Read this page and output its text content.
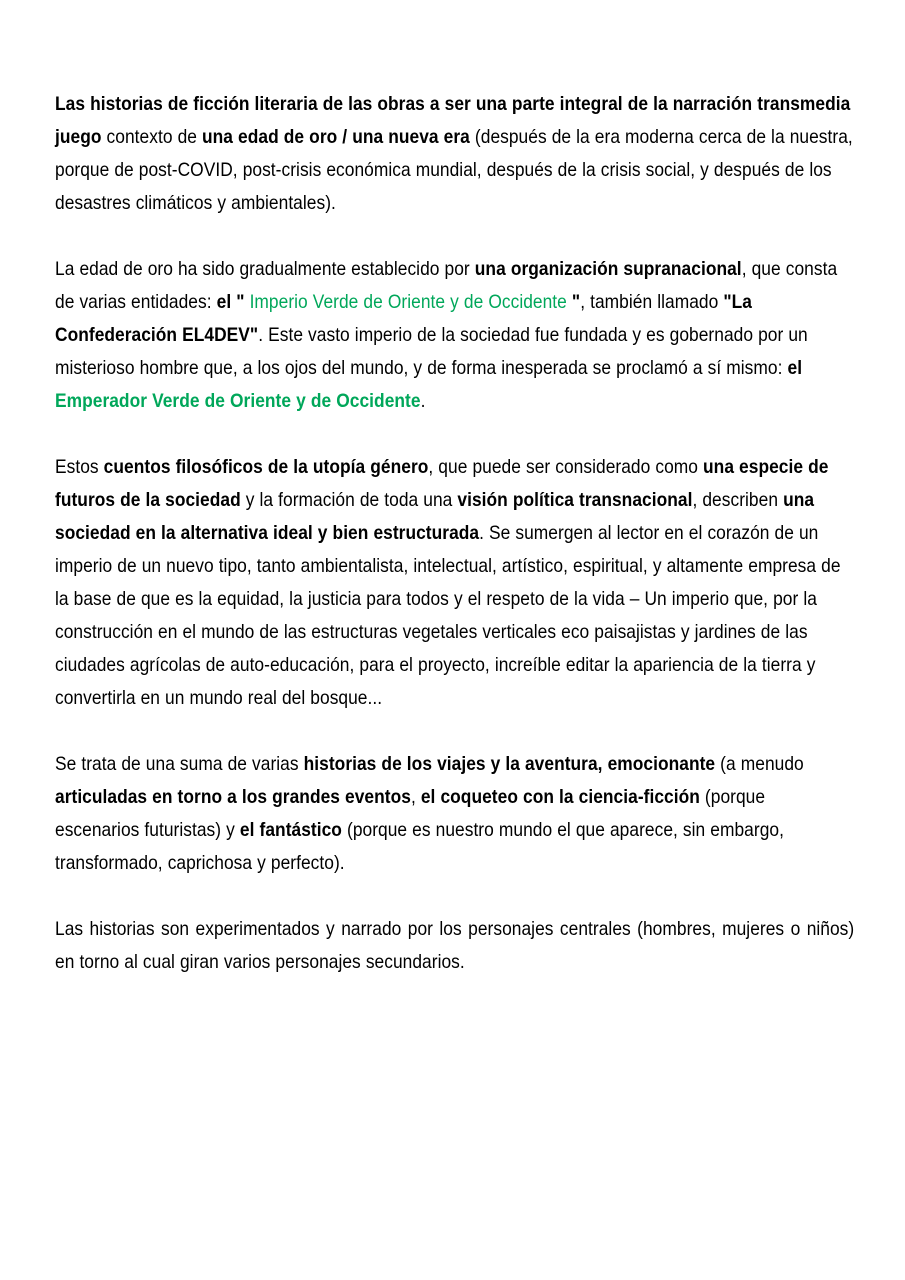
Las historias de ficción literaria de las obras a ser una parte integral de la narración transmedia juego contexto de una edad de oro / una nueva era (después de la era moderna cerca de la nuestra, porque de post-COVID, post-crisis económica mundial, después de la crisis social, y después de los desastres climáticos y ambientales).

La edad de oro ha sido gradualmente establecido por una organización supranacional, que consta de varias entidades: el " Imperio Verde de Oriente y de Occidente ", también llamado "La Confederación EL4DEV". Este vasto imperio de la sociedad fue fundada y es gobernado por un misterioso hombre que, a los ojos del mundo, y de forma inesperada se proclamó a sí mismo: el Emperador Verde de Oriente y de Occidente.

Estos cuentos filosóficos de la utopía género, que puede ser considerado como una especie de futuros de la sociedad y la formación de toda una visión política transnacional, describen una sociedad en la alternativa ideal y bien estructurada. Se sumergen al lector en el corazón de un imperio de un nuevo tipo, tanto ambientalista, intelectual, artístico, espiritual, y altamente empresa de la base de que es la equidad, la justicia para todos y el respeto de la vida – Un imperio que, por la construcción en el mundo de las estructuras vegetales verticales eco paisajistas y jardines de las ciudades agrícolas de auto-educación, para el proyecto, increíble editar la apariencia de la tierra y convertirla en un mundo real del bosque...

Se trata de una suma de varias historias de los viajes y la aventura, emocionante (a menudo articuladas en torno a los grandes eventos, el coqueteo con la ciencia-ficción (porque escenarios futuristas) y el fantástico (porque es nuestro mundo el que aparece, sin embargo, transformado, caprichosa y perfecto).

Las historias son experimentados y narrado por los personajes centrales (hombres, mujeres o niños) en torno al cual giran varios personajes secundarios.
